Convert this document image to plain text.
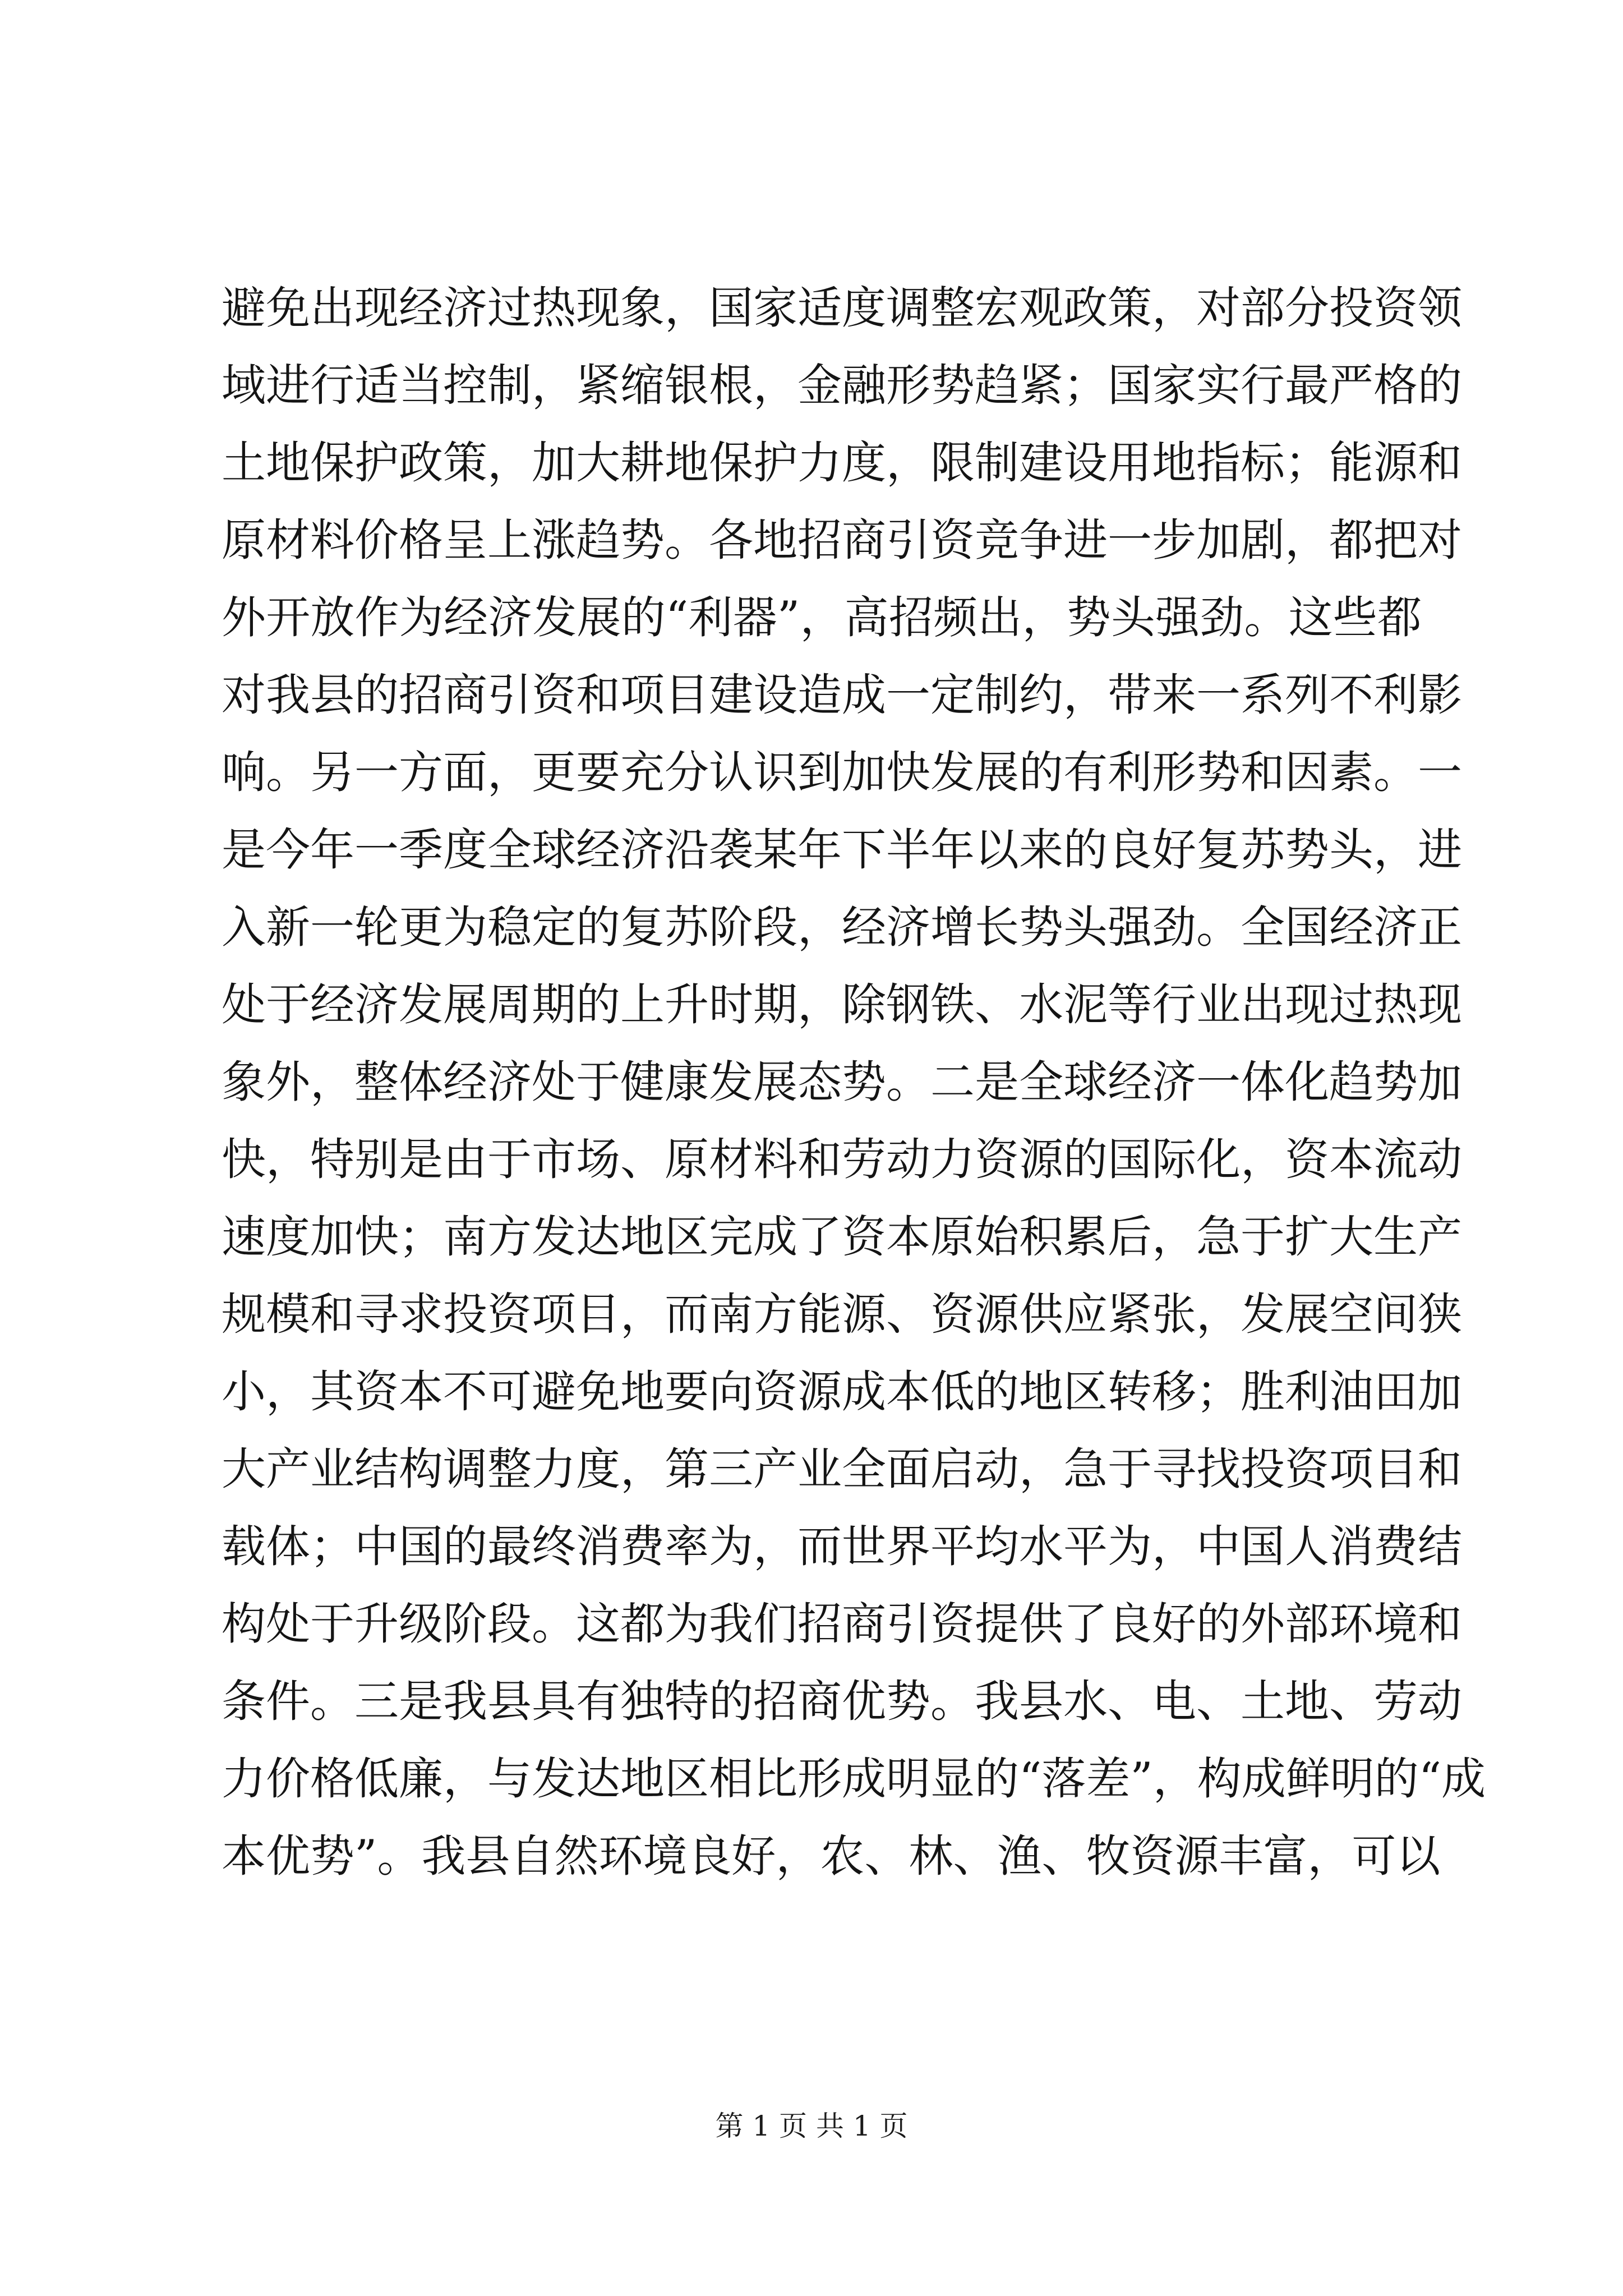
避免出现经济过热现象，国家适度调整宏观政策，对部分投资领
域进行适当控制，紧缩银根，金融形势趋紧；国家实行最严格的
土地保护政策，加大耕地保护力度，限制建设用地指标；能源和
原材料价格呈上涨趋势。各地招商引资竞争进一步加剧，都把对
外开放作为经济发展的“利器”，高招频出，势头强劲。这些都
对我县的招商引资和项目建设造成一定制约，带来一系列不利影
响。另一方面，更要充分认识到加快发展的有利形势和因素。一
是今年一季度全球经济沿袭某年下半年以来的良好复苏势头，进
入新一轮更为稳定的复苏阶段，经济增长势头强劲。全国经济正
处于经济发展周期的上升时期，除钢铁、水泥等行业出现过热现
象外，整体经济处于健康发展态势。二是全球经济一体化趋势加
快，特别是由于市场、原材料和劳动力资源的国际化，资本流动
速度加快；南方发达地区完成了资本原始积累后，急于扩大生产
规模和寻求投资项目，而南方能源、资源供应紧张，发展空间狭
小，其资本不可避免地要向资源成本低的地区转移；胜利油田加
大产业结构调整力度，第三产业全面启动，急于寻找投资项目和
载体；中国的最终消费率为，而世界平均水平为，中国人消费结
构处于升级阶段。这都为我们招商引资提供了良好的外部环境和
条件。三是我县具有独特的招商优势。我县水、电、土地、劳动
力价格低廉，与发达地区相比形成明显的“落差”，构成鲜明的“成
本优势”。我县自然环境良好，农、林、渔、牧资源丰富，可以
第 1 页 共 1 页
